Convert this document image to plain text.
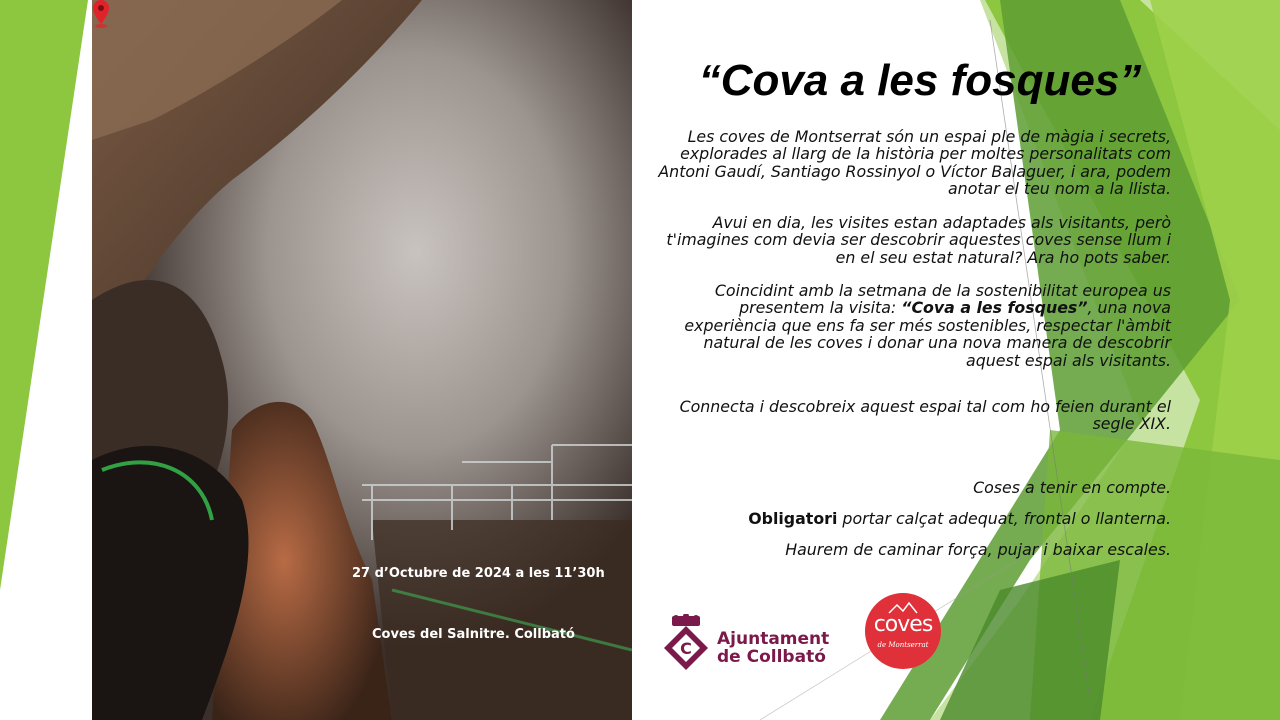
27 d’Octubre de 2024 a les 11’30h
Coves del Salnitre. Collbató
“Cova a les fosques”

Les coves de Montserrat són un espai ple de màgia i secrets, explorades al llarg de la història per moltes personalitats com Antoni Gaudí, Santiago Rossinyol o Víctor Balaguer, i ara, podem anotar el teu nom a la llista.

Avui en dia, les visites estan adaptades als visitants, però t'imagines com devia ser descobrir aquestes coves sense llum i en el seu estat natural? Ara ho pots saber.

Coincidint amb la setmana de la sostenibilitat europea us presentem la visita: “Cova a les fosques”, una nova experiència que ens fa ser més sostenibles, respectar l'àmbit natural de les coves i donar una nova manera de descobrir aquest espai als visitants.

Connecta i descobreix aquest espai tal com ho feien durant el segle XIX.

Coses a tenir en compte.

Obligatori portar calçat adequat, frontal o llanterna.

Haurem de caminar força, pujar i baixar escales.

C Ajuntament
de Collbató
coves
de Montserrat
